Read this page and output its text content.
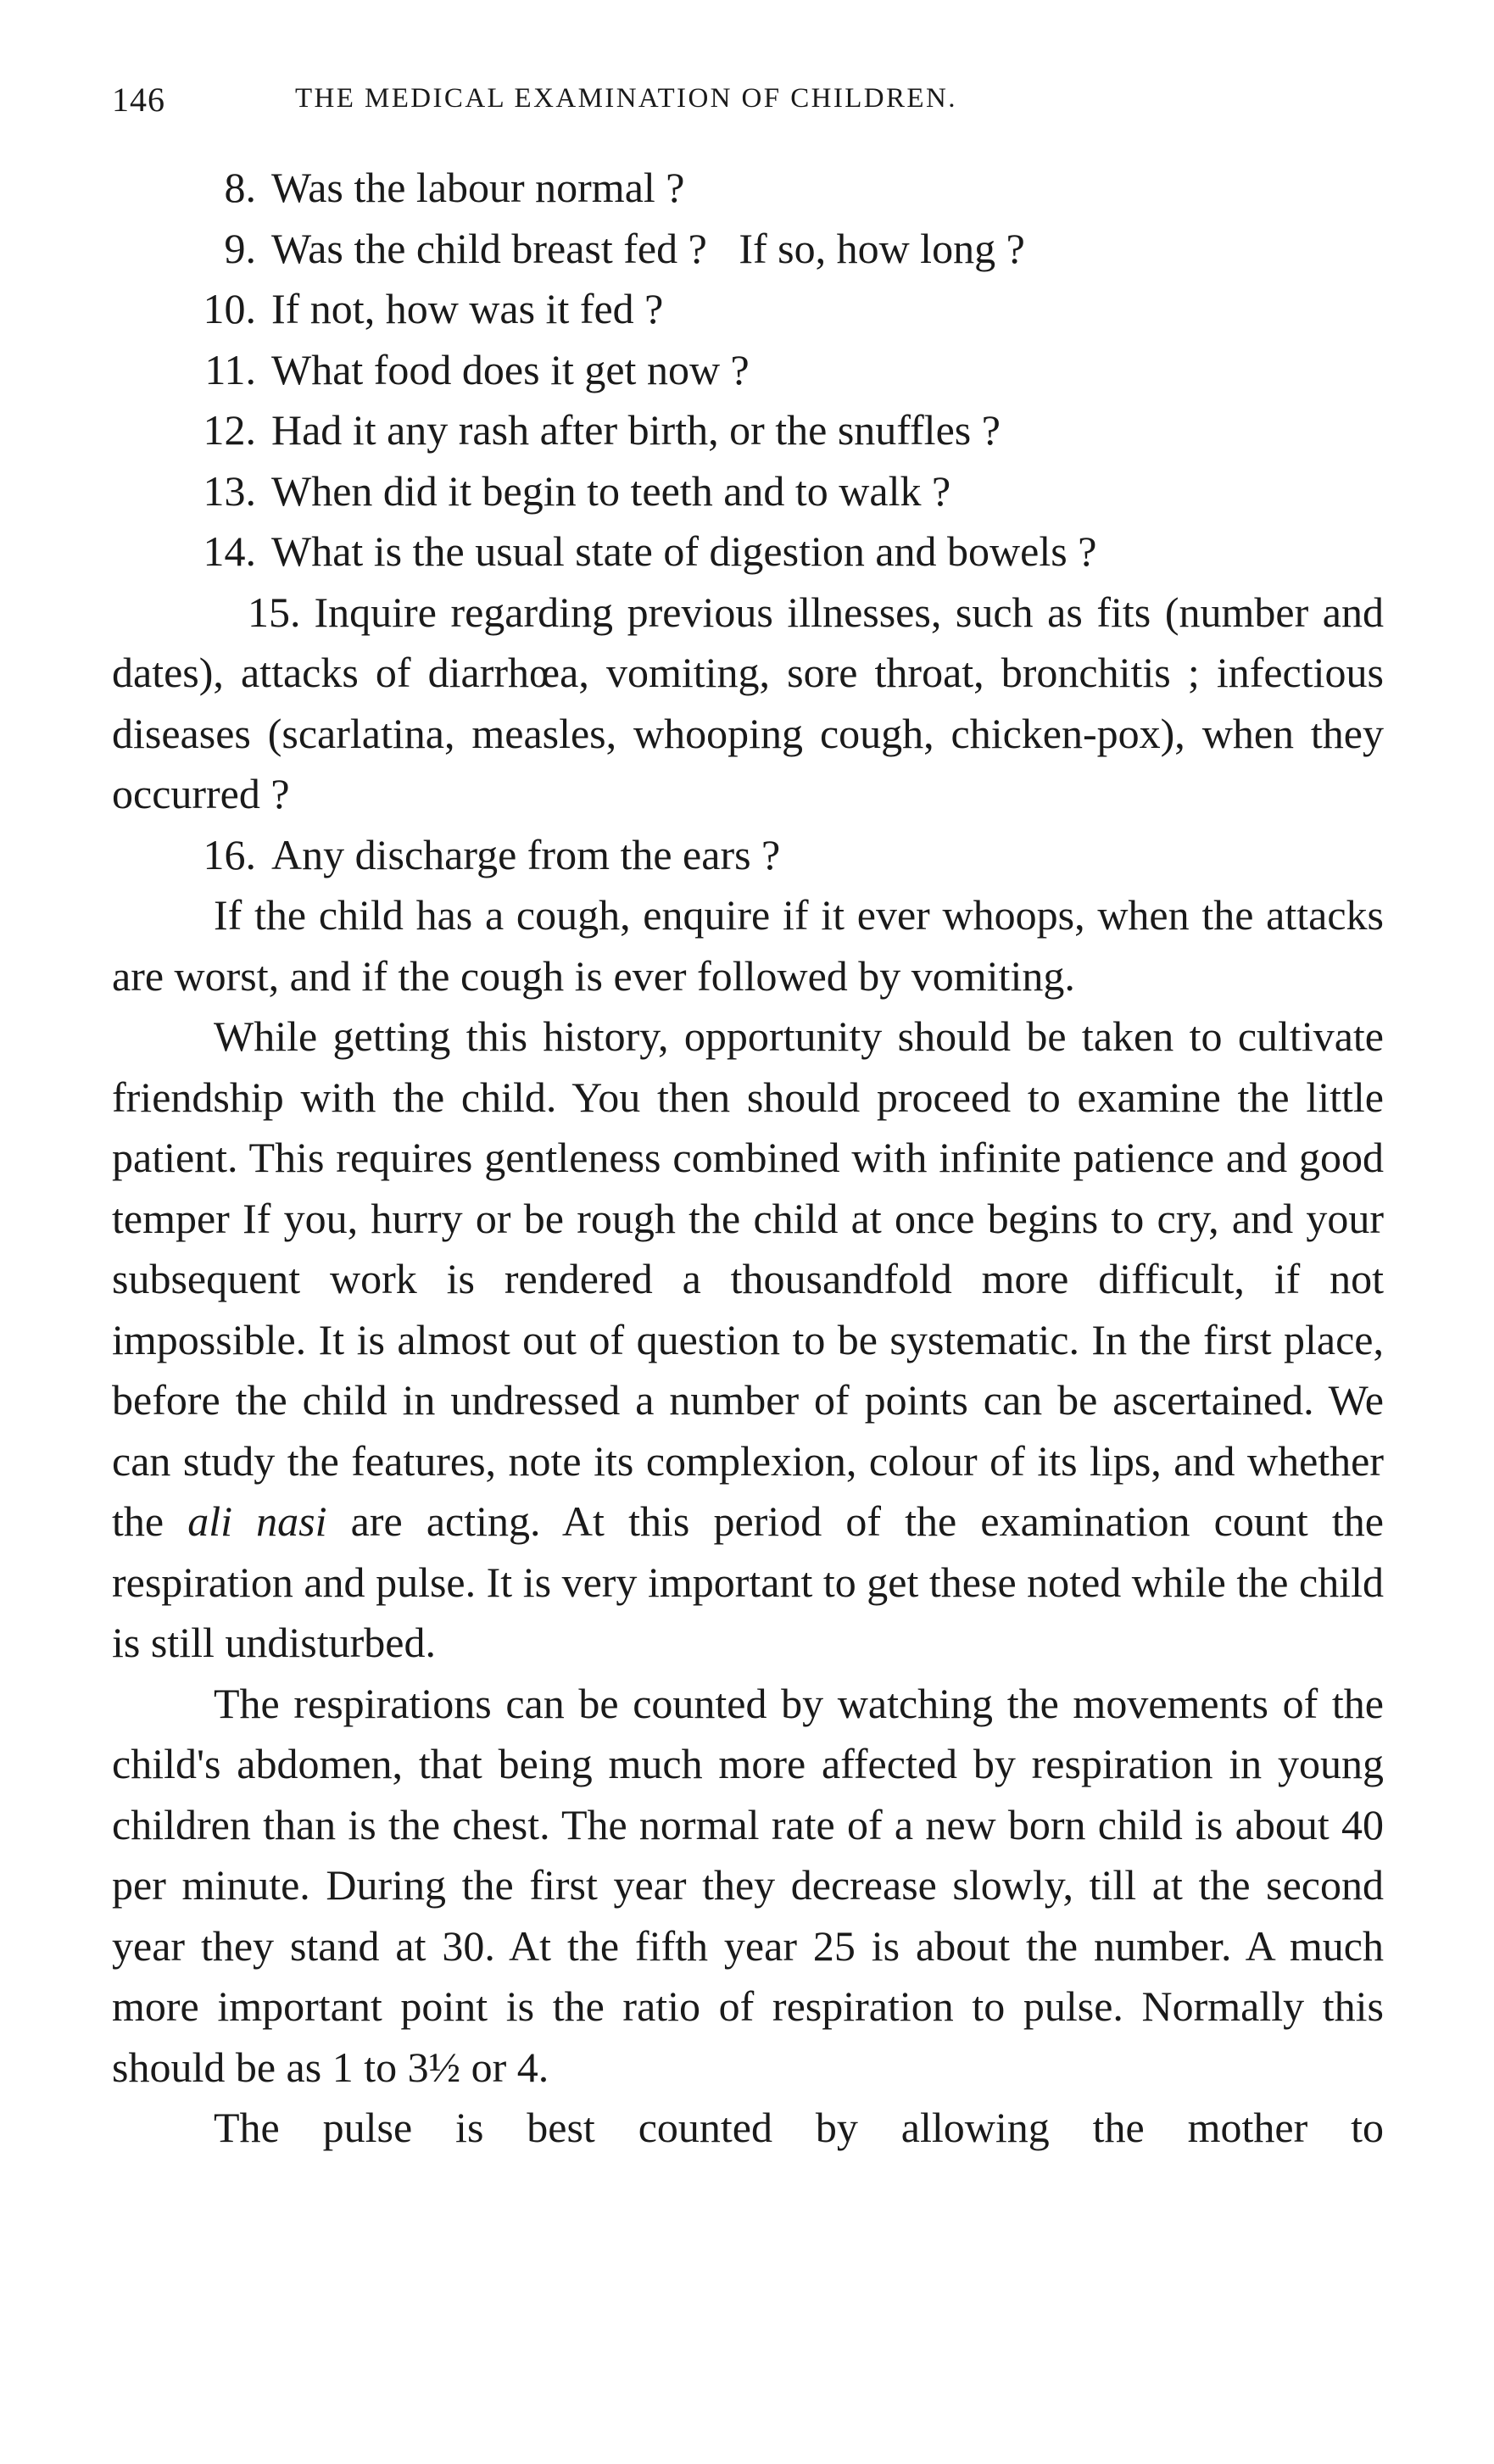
146	THE MEDICAL EXAMINATION OF CHILDREN.
8. Was the labour normal ?
9. Was the child breast fed ?   If so, how long ?
10. If not, how was it fed ?
11. What food does it get now ?
12. Had it any rash after birth, or the snuffles ?
13. When did it begin to teeth and to walk ?
14. What is the usual state of digestion and bowels ?
15. Inquire regarding previous illnesses, such as fits (number and dates), attacks of diarrhœa, vomiting, sore throat, bronchitis ; infectious diseases (scarlatina, measles, whooping cough, chicken-pox), when they occurred ?
16. Any discharge from the ears ?

If the child has a cough, enquire if it ever whoops, when the attacks are worst, and if the cough is ever followed by vomiting.

While getting this history, opportunity should be taken to cultivate friendship with the child. You then should proceed to examine the little patient. This requires gentleness combined with infinite patience and good temper If you, hurry or be rough the child at once begins to cry, and your subsequent work is rendered a thousandfold more difficult, if not impossible. It is almost out of question to be systematic. In the first place, before the child in undressed a number of points can be ascertained. We can study the features, note its complexion, colour of its lips, and whether the ali nasi are acting. At this period of the examination count the respiration and pulse. It is very important to get these noted while the child is still undisturbed.

The respirations can be counted by watching the movements of the child's abdomen, that being much more affected by respiration in young children than is the chest. The normal rate of a new born child is about 40 per minute. During the first year they decrease slowly, till at the second year they stand at 30. At the fifth year 25 is about the number. A much more important point is the ratio of respiration to pulse. Normally this should be as 1 to 3½ or 4.

The pulse is best counted by allowing the mother to
